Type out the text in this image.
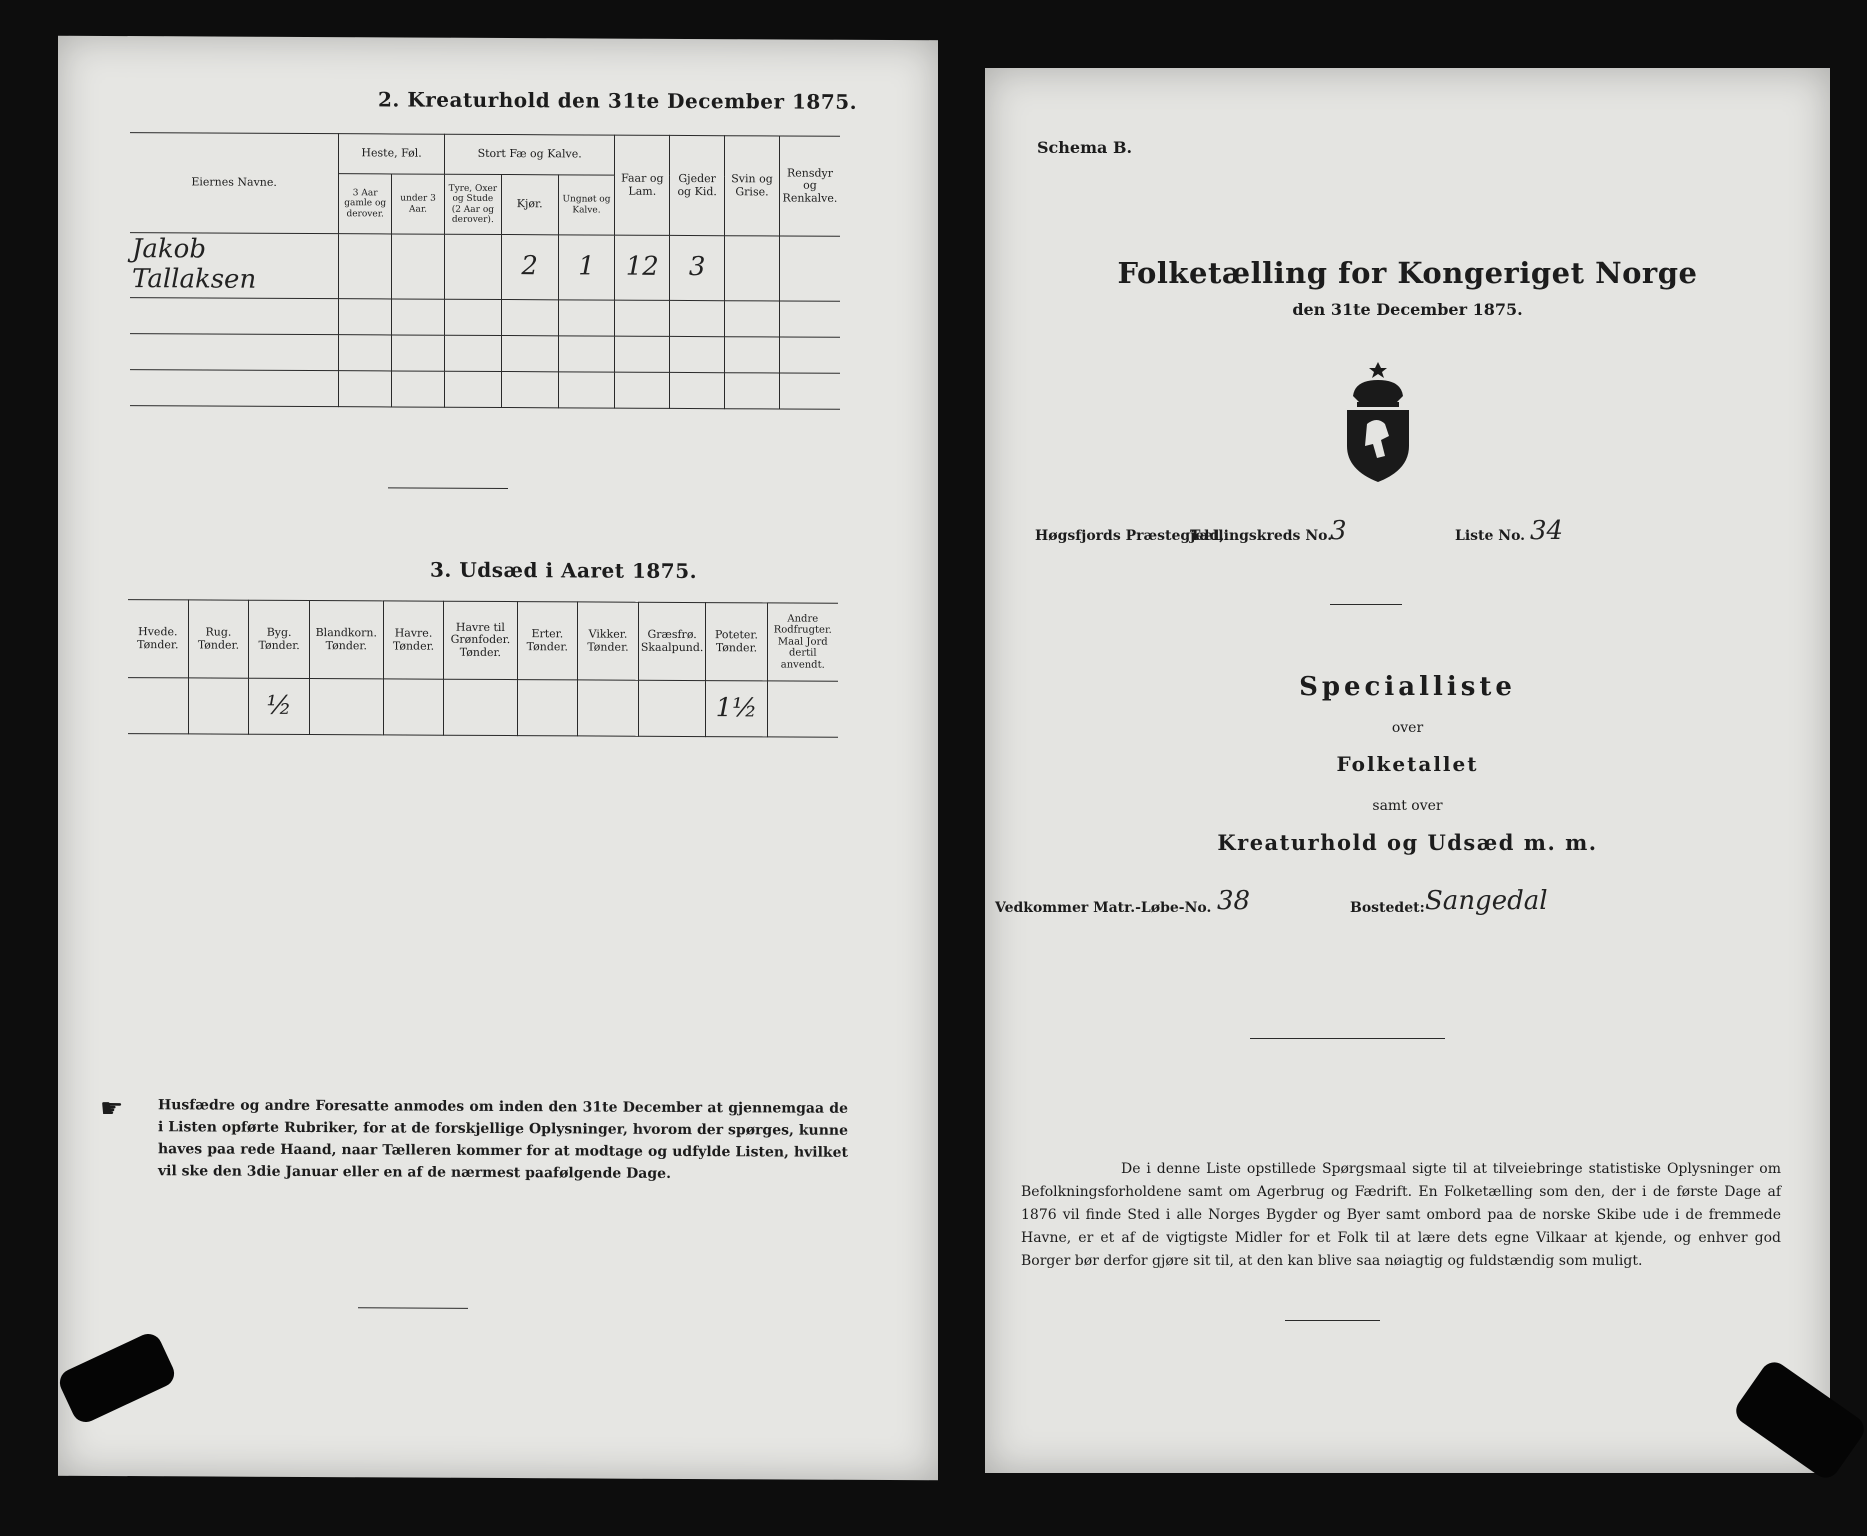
2. Kreaturhold den 31te December 1875.
Eiernes Navne.	Heste, Føl.		Stort Fæ og Kalve.			Faar og Lam.	Gjeder og Kid.	Svin og Grise.	Rensdyr og Renkalve.
	3 Aar gamle og derover.	under 3 Aar.	Tyre, Oxer og Stude (2 Aar og derover).	Kjør.	Ungnøt og Kalve.				
Jakob Tallaksen				2	1	12	3		

3. Udsæd i Aaret 1875.
Hvede. Tønder.	Rug. Tønder.	Byg. Tønder.	Blandkorn. Tønder.	Havre. Tønder.	Havre til Grønfoder. Tønder.	Erter. Tønder.	Vikker. Tønder.	Græsfrø. Skaalpund.	Poteter. Tønder.	Andre Rodfrugter. Maal Jord dertil anvendt.
		½							1½	
☛ Husfædre og andre Foresatte anmodes om inden den 31te December at gjennemgaa de i Listen opførte Rubriker, for at de forskjellige Oplysninger, hvorom der spørges, kunne haves paa rede Haand, naar Tælleren kommer for at modtage og udfylde Listen, hvilket vil ske den 3die Januar eller en af de nærmest paafølgende Dage.
Schema B.
Folketælling for Kongeriget Norge
den 31te December 1875.
Høgsfjords Præstegjeld,
Tællingskreds No.
3	Liste No. 34
Specialliste
over
Folketallet
samt over
Kreaturhold og Udsæd m. m.
Vedkommer Matr.-Løbe-No. 38	Bostedet: Sangedal
De i denne Liste opstillede Spørgsmaal sigte til at tilveiebringe statistiske Oplysninger om Befolkningsforholdene samt om Agerbrug og Fædrift. En Folketælling som den, der i de første Dage af 1876 vil finde Sted i alle Norges Bygder og Byer samt ombord paa de norske Skibe ude i de fremmede Havne, er et af de vigtigste Midler for et Folk til at lære dets egne Vilkaar at kjende, og enhver god Borger bør derfor gjøre sit til, at den kan blive saa nøiagtig og fuldstændig som muligt.
